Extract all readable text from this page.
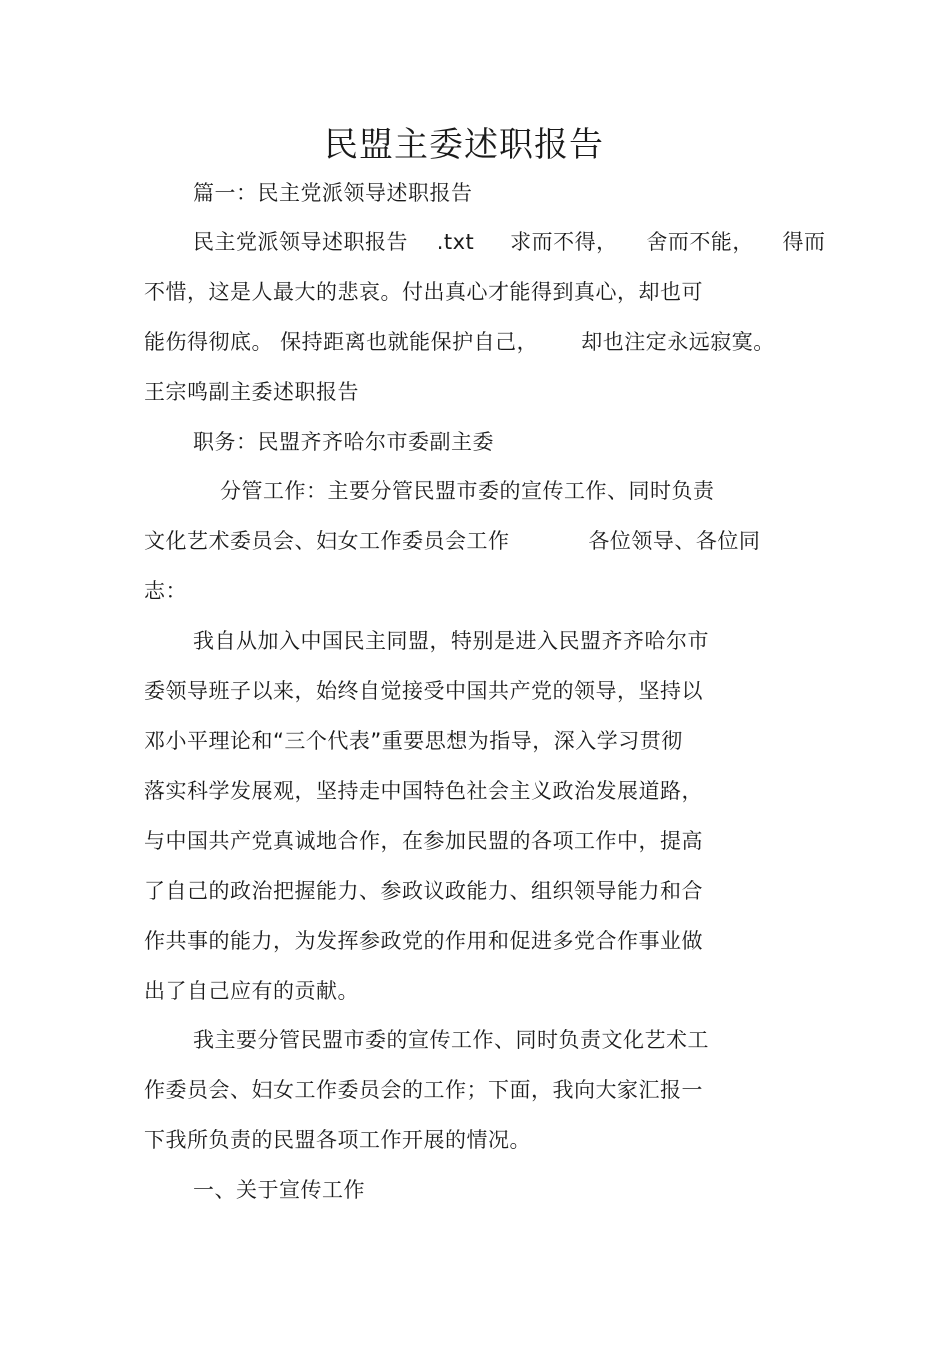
民盟主委述职报告
篇一：民主党派领导述职报告
民主党派领导述职报告    .txt     求而不得，    舍而不能，    得而
不惜，这是人最大的悲哀。付出真心才能得到真心，却也可
能伤得彻底。 保持距离也就能保护自己，      却也注定永远寂寞。
王宗鸣副主委述职报告
职务：民盟齐齐哈尔市委副主委
分管工作：主要分管民盟市委的宣传工作、同时负责
文化艺术委员会、妇女工作委员会工作           各位领导、各位同
志：
我自从加入中国民主同盟，特别是进入民盟齐齐哈尔市
委领导班子以来，始终自觉接受中国共产党的领导，坚持以
邓小平理论和“三个代表”重要思想为指导，深入学习贯彻
落实科学发展观，坚持走中国特色社会主义政治发展道路，
与中国共产党真诚地合作，在参加民盟的各项工作中，提高
了自己的政治把握能力、参政议政能力、组织领导能力和合
作共事的能力，为发挥参政党的作用和促进多党合作事业做
出了自己应有的贡献。
我主要分管民盟市委的宣传工作、同时负责文化艺术工
作委员会、妇女工作委员会的工作；下面，我向大家汇报一
下我所负责的民盟各项工作开展的情况。
一、关于宣传工作
